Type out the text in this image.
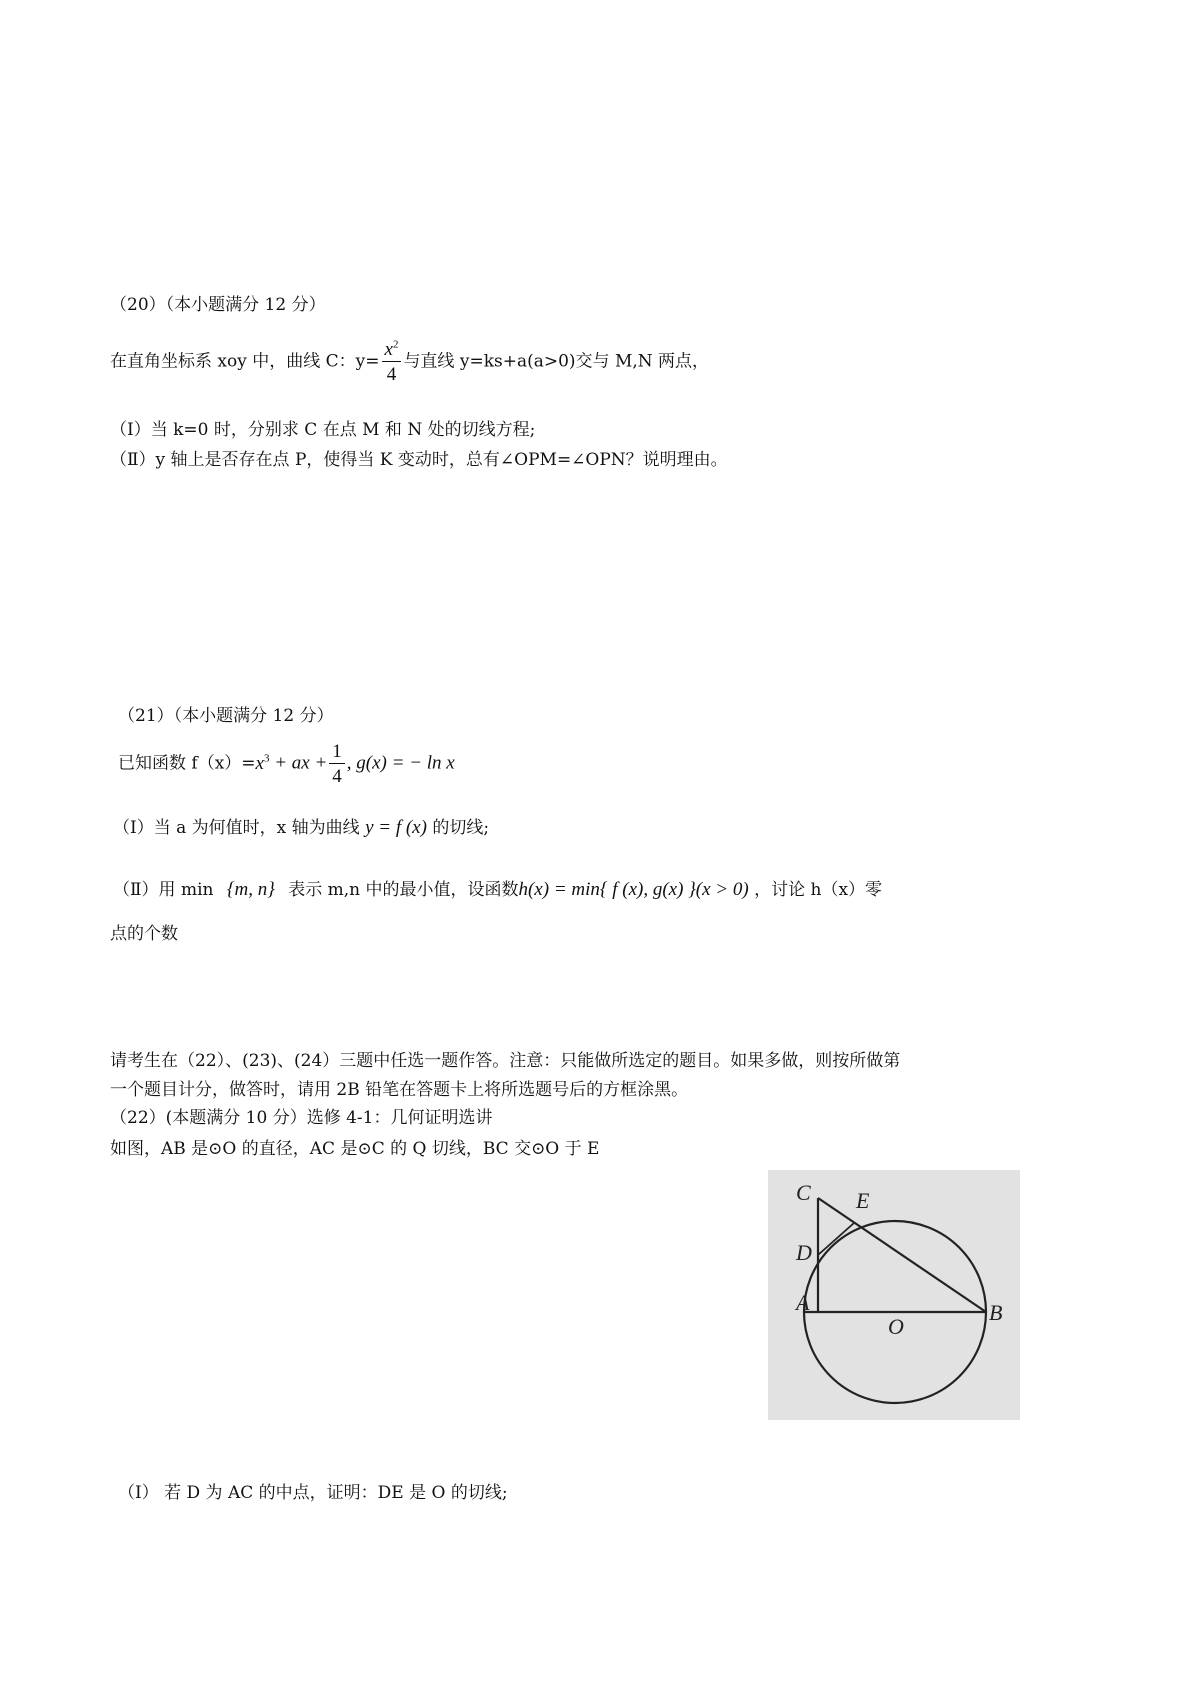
（20）（本小题满分 12 分）
在直角坐标系 xoy 中，曲线 C：$y= \frac{x^2}{4}$ 与直线 y=ks+a(a>0)交与 M,N 两点，
（Ⅰ）当 k=0 时，分别求 C 在点 M 和 N 处的切线方程;
（Ⅱ）y 轴上是否存在点 P，使得当 K 变动时，总有∠OPM=∠OPN？说明理由。
（21）（本小题满分 12 分）
已知函数 $f(x)=x^3$ + ax + $\frac{1}{4}$ , g(x) = − ln x
（Ⅰ）当 a 为何值时，x 轴为曲线 y = f (x) 的切线;
（Ⅱ）用 min {m, n} 表示 m,n 中的最小值，设函数h(x) = min{ f (x), g(x) }(x > 0) ，讨论 h（x）零
点的个数
请考生在（22）、(23)、(24）三题中任选一题作答。注意：只能做所选定的题目。如果多做，则按所做第
一个题目计分，做答时，请用 2B 铅笔在答题卡上将所选题号后的方框涂黑。
（22）(本题满分 10 分）选修 4-1：几何证明选讲
如图，AB 是⊙O 的直径，AC 是⊙C 的 Q 切线，BC 交⊙O 于 E
C E
D
A
O
B
（I） 若 D 为 AC 的中点，证明：DE 是 O 的切线;
